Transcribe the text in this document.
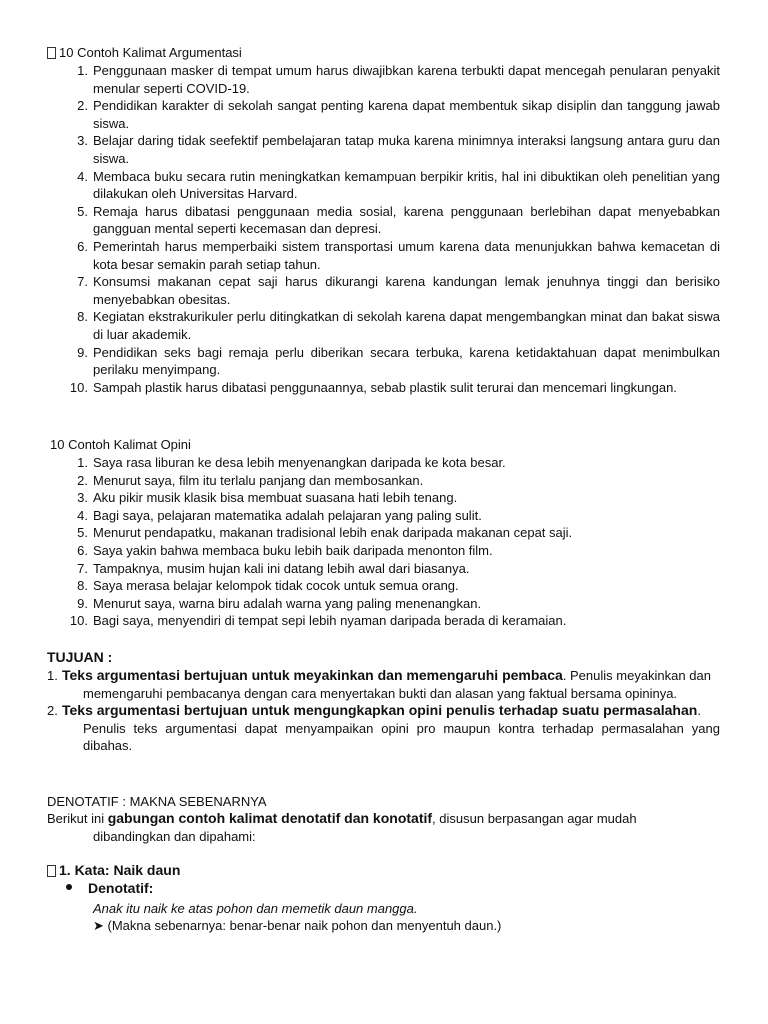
10 Contoh Kalimat Argumentasi
1. Penggunaan masker di tempat umum harus diwajibkan karena terbukti dapat mencegah penularan penyakit menular seperti COVID-19.
2. Pendidikan karakter di sekolah sangat penting karena dapat membentuk sikap disiplin dan tanggung jawab siswa.
3. Belajar daring tidak seefektif pembelajaran tatap muka karena minimnya interaksi langsung antara guru dan siswa.
4. Membaca buku secara rutin meningkatkan kemampuan berpikir kritis, hal ini dibuktikan oleh penelitian yang dilakukan oleh Universitas Harvard.
5. Remaja harus dibatasi penggunaan media sosial, karena penggunaan berlebihan dapat menyebabkan gangguan mental seperti kecemasan dan depresi.
6. Pemerintah harus memperbaiki sistem transportasi umum karena data menunjukkan bahwa kemacetan di kota besar semakin parah setiap tahun.
7. Konsumsi makanan cepat saji harus dikurangi karena kandungan lemak jenuhnya tinggi dan berisiko menyebabkan obesitas.
8. Kegiatan ekstrakurikuler perlu ditingkatkan di sekolah karena dapat mengembangkan minat dan bakat siswa di luar akademik.
9. Pendidikan seks bagi remaja perlu diberikan secara terbuka, karena ketidaktahuan dapat menimbulkan perilaku menyimpang.
10. Sampah plastik harus dibatasi penggunaannya, sebab plastik sulit terurai dan mencemari lingkungan.
10 Contoh Kalimat Opini
1. Saya rasa liburan ke desa lebih menyenangkan daripada ke kota besar.
2. Menurut saya, film itu terlalu panjang dan membosankan.
3. Aku pikir musik klasik bisa membuat suasana hati lebih tenang.
4. Bagi saya, pelajaran matematika adalah pelajaran yang paling sulit.
5. Menurut pendapatku, makanan tradisional lebih enak daripada makanan cepat saji.
6. Saya yakin bahwa membaca buku lebih baik daripada menonton film.
7. Tampaknya, musim hujan kali ini datang lebih awal dari biasanya.
8. Saya merasa belajar kelompok tidak cocok untuk semua orang.
9. Menurut saya, warna biru adalah warna yang paling menenangkan.
10. Bagi saya, menyendiri di tempat sepi lebih nyaman daripada berada di keramaian.
TUJUAN :
1. Teks argumentasi bertujuan untuk meyakinkan dan memengaruhi pembaca. Penulis meyakinkan dan
memengaruhi pembacanya dengan cara menyertakan bukti dan alasan yang faktual bersama opininya.
2. Teks argumentasi bertujuan untuk mengungkapkan opini penulis terhadap suatu permasalahan.
Penulis teks argumentasi dapat menyampaikan opini pro maupun kontra terhadap permasalahan yang dibahas.
DENOTATIF : MAKNA SEBENARNYA
Berikut ini gabungan contoh kalimat denotatif dan konotatif, disusun berpasangan agar mudah
dibandingkan dan dipahami:
1. Kata: Naik daun
Denotatif:
Anak itu naik ke atas pohon dan memetik daun mangga.
➤ (Makna sebenarnya: benar-benar naik pohon dan menyentuh daun.)
